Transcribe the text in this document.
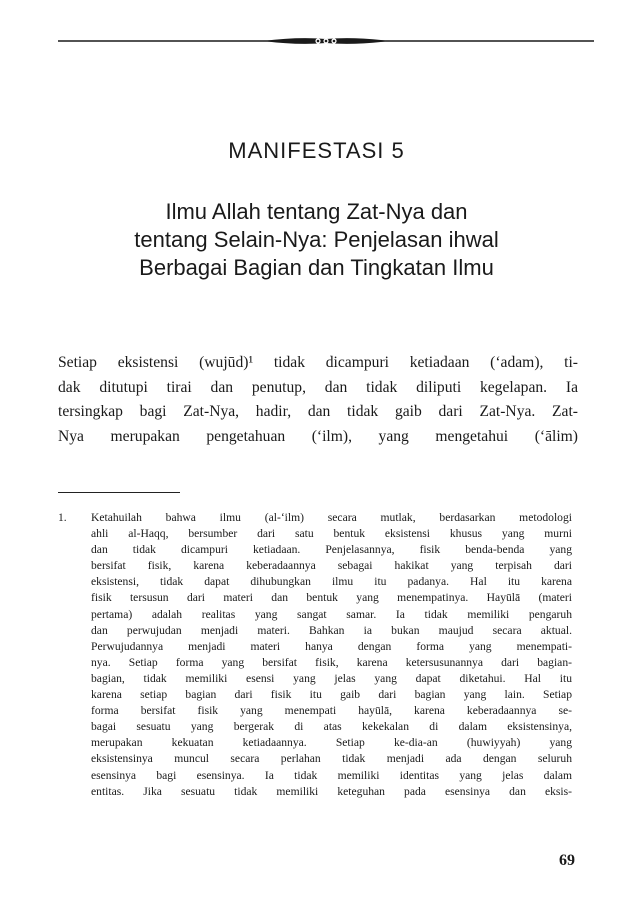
MANIFESTASI 5
Ilmu Allah tentang Zat-Nya dan
tentang Selain-Nya: Penjelasan ihwal
Berbagai Bagian dan Tingkatan Ilmu
Setiap eksistensi (wujūd)¹ tidak dicampuri ketiadaan (‘adam), ti-
dak ditutupi tirai dan penutup, dan tidak diliputi kegelapan. Ia
tersingkap bagi Zat-Nya, hadir, dan tidak gaib dari Zat-Nya. Zat-
Nya merupakan pengetahuan (‘ilm), yang mengetahui (‘ālim)
1. Ketahuilah bahwa ilmu (al-‘ilm) secara mutlak, berdasarkan metodologi
ahli al-Haqq, bersumber dari satu bentuk eksistensi khusus yang murni
dan tidak dicampuri ketiadaan. Penjelasannya, fisik benda-benda yang
bersifat fisik, karena keberadaannya sebagai hakikat yang terpisah dari
eksistensi, tidak dapat dihubungkan ilmu itu padanya. Hal itu karena
fisik tersusun dari materi dan bentuk yang menempatinya. Hayūlā (materi
pertama) adalah realitas yang sangat samar. Ia tidak memiliki pengaruh
dan perwujudan menjadi materi. Bahkan ia bukan maujud secara aktual.
Perwujudannya menjadi materi hanya dengan forma yang menempati-
nya. Setiap forma yang bersifat fisik, karena ketersusunannya dari bagian-
bagian, tidak memiliki esensi yang jelas yang dapat diketahui. Hal itu
karena setiap bagian dari fisik itu gaib dari bagian yang lain. Setiap
forma bersifat fisik yang menempati hayūlā, karena keberadaannya se-
bagai sesuatu yang bergerak di atas kekekalan di dalam eksistensinya,
merupakan kekuatan ketiadaannya. Setiap ke-dia-an (huwiyyah) yang
eksistensinya muncul secara perlahan tidak menjadi ada dengan seluruh
esensinya bagi esensinya. Ia tidak memiliki identitas yang jelas dalam
entitas. Jika sesuatu tidak memiliki keteguhan pada esensinya dan eksis-
69
